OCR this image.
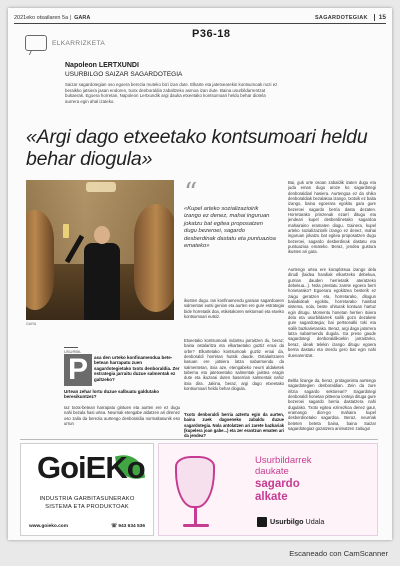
2021eko otsailaren 5a | GARA	SAGARDOTEGIAK	15
P36-18
ELKARRIZKETA
Napoleon LERTXUNDI
USURBILGO SAIZAR SAGARDOTEGIA
Saizar sagardotegian oso egoera berezia muteko bizi izan dute. Elkarte eta jatetxearekin kontsumoak nozi ez beraikko jatsiera jasan endoren, txotx denboraldia zabaltzeko asmoa izan dute. Baina usurbildarrentzat bukaerak. Egoera horretan, Napoleon Lertxundik argi dauka etxeetako kontsumoari heldu behar diotela aurrera egin ahal izateko.
«Argi dago etxeetako kontsumoari heldu behar diogula»
GARA
“
«Kupel arteko sozializazioirik izango ez denez, mahai inguruan jokatzu bat egitea proposatzen dugu bezeroei, sagardo desberdinak dastatu eta puntuazioa emateko»
ikusten dugu. Ian konfinamendu garaian sagardoaren salmentari eutsi genion eta aurten ere gure estrategia bide horretatik doa, etiketakoren sektoreari eta etxeko kontsumoari eutsiz.
Etxeetako kontsumoak indartsu jarraitzen du, beraz; baina ostalaritza eta elkartaetako guztiz eroai da orbe? Elkartetako kontsumoak guztiz eroai da, denboraldi horretan hutsik daude. Ostalaritzaren kasuan ere jatsiera latza nabarmendu da salmentetan, itxia aze, etengabeko neurri aldaketek taberna eta jatetxeetako salmentak jaistea eragin dute eta ikuzarai duten baserrian salmentak nahiz itxia dira. Jakina, beraz, argi dago etxeetako kontsumoari heldu behar diogula.
Txotx denboraldi berria aztertu egin da aurten, baina zuek dagoeneko zabaldu duzue sagardotegia. Nola antolatzen ari zarete bazkariak (kupelera joan gabe...) eta zer erantzun ematen ari da jendea?
Bai, guk urte osoan zabaldik izaten dugu eta juda eman dugu aroze ko sagardotegi denboraldiari hasiera. Aurtengoa ez da ohiko denboraldiak bezalakoa izango, txotxik ez baita izango, baina egoerara egokitu gara gure bezeroei sagardo berria dasta dezaten. Horretarako prinzenak ezarri ditugu eta jendeari kupel desberdinetako sagardoa mahairaino eramaten diogu. Gainera, kupel arteko sozializaziorik izango ez denez, mahai inguruan jokatzu bat egitea proposatzen dugu bezeroei, sagardo desberdinak dastatu eta puntuazioa emateko. Beraz, jendea gustura ikusten ari gara.
Aurtengo urtea ere koraplotsua izango dela dirudi (laidea handiak elkartzeko debekua, gurrian dauden herrietatik ateratzeko debekua...). Nola prestatu zarete egoera berri honetarako? Egoerara egokitzea besterik ez zaigu geratzen eta, horretarako, ditugun baliabideak egokitu, horretarako hainbat sistema, nola, beste ohiturak kontuan hartuz egin ditugu. Momentu honetan herrien itxiera dela eta usurbildarrek soilik gozo dezakete gure sagardotegia; bai pertsonalki toki eta soilik bazkarietarako. Beraz, argi dago jatorrera latza nabarmendu dugula. Ga preso gaude sagardotegi denboraldikoekin jarraitzeko, beraz, ideak telekin izango ditugu egoera berria dastatu eta oterdu gero bat egin nahi duenarentzat.
Beltla lizange da, beraz, protagonista aurtengo sagardotegien denboraldian. Zein da zure iritzia sagardo sektoreari? Sagardotegi denboraldi honetan pitteena ionteja dituga gure bezeroei sagardo berria dastatzera nahi dugulako. Txotx egitea ezinezkoa denez gaur, eramango dion-go mahaira kupel desberdinetako sagardoa. Beraz, neurriak beteten beteta baina, baina Saizar sagardotegiaz gozatzera animatzen zaitugu!
USURBIL
P	asa den urteko konfinamendua bete-betean harrapatu zuen sagardotegietako txotx denboraldia. Zer estrategia jarraitu duzue salmentak ez galtzeko?
Urtean zehar lortu duzue salbuatu galdutako beresikuntzez?
Iaz txotx-betean harrapatu gintuen eta aurten ere ez dugu nahi bezala hasi urtea. Neurriak etengabe aldatzen ari direnez oso zaila da berezia aurtengo denboraldia normaltasunik eso urrun
GoiEKo
INDUSTRIA GARBITASUNERAKO
SISTEMA ETA PRODUKTOAK
www.goieko.com	☏ 943 634 536
Usurbildarrek
daukate
sagardo
alkate
Usurbilgo Udala
Escaneado con CamScanner
